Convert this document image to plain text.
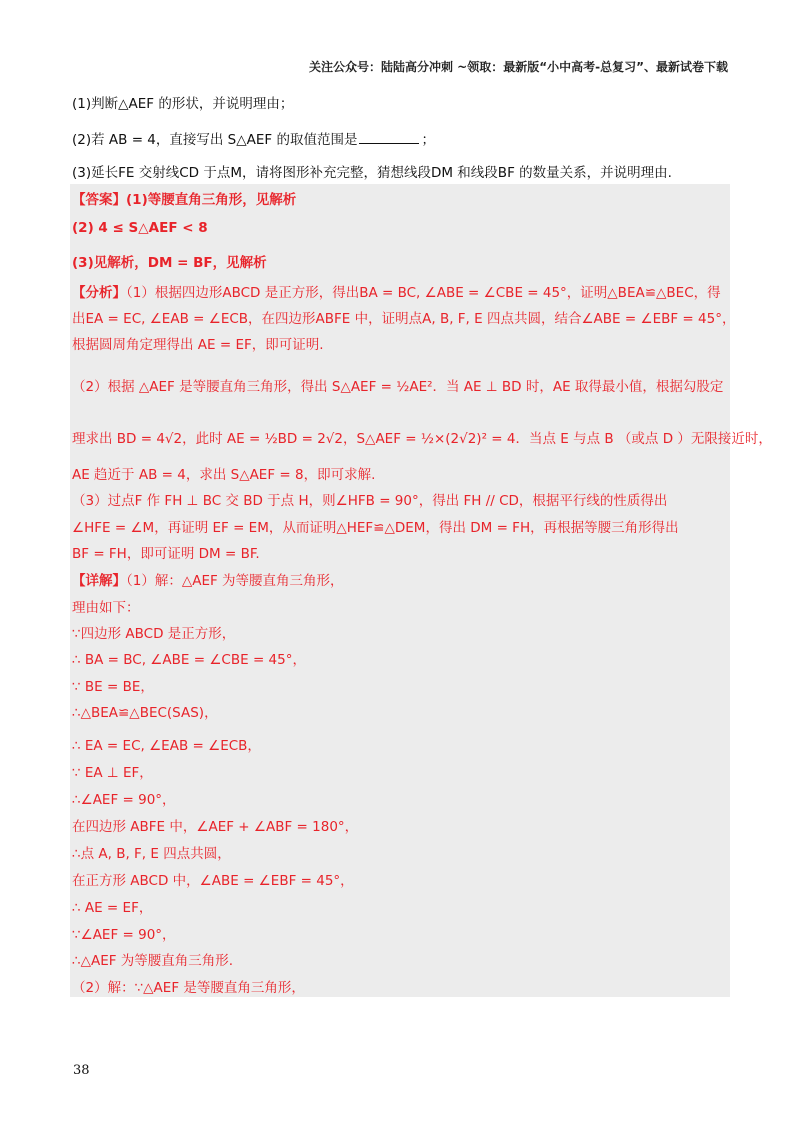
关注公众号：陆陆高分冲刺 ~领取：最新版“小中高考-总复习”、最新试卷下载
(1)判断△AEF 的形状，并说明理由；
(2)若 AB = 4，直接写出 S△AEF 的取值范围是	；
(3)延长FE 交射线CD 于点M，请将图形补充完整，猜想线段DM 和线段BF 的数量关系，并说明理由.
【答案】(1)等腰直角三角形，见解析
(2) 4 ≤ S△AEF < 8
(3)见解析，DM = BF，见解析
【分析】（1）根据四边形ABCD 是正方形，得出BA = BC, ∠ABE = ∠CBE = 45°，证明△BEA≌△BEC，得
出EA = EC, ∠EAB = ∠ECB，在四边形ABFE 中，证明点A, B, F, E 四点共圆，结合∠ABE = ∠EBF = 45°，
根据圆周角定理得出 AE = EF，即可证明.
（2）根据 △AEF 是等腰直角三角形，得出 S△AEF = ½AE²．当 AE ⊥ BD 时，AE 取得最小值，根据勾股定
理求出 BD = 4√2，此时 AE = ½BD = 2√2，S△AEF = ½×(2√2)² = 4．当点 E 与点 B （或点 D ）无限接近时，
AE 趋近于 AB = 4，求出 S△AEF = 8，即可求解.
（3）过点F 作 FH ⊥ BC 交 BD 于点 H，则∠HFB = 90°，得出 FH // CD，根据平行线的性质得出
∠HFE = ∠M，再证明 EF = EM，从而证明△HEF≌△DEM，得出 DM = FH，再根据等腰三角形得出
BF = FH，即可证明 DM = BF.
【详解】（1）解：△AEF 为等腰直角三角形，
理由如下：
∵四边形 ABCD 是正方形，
∴ BA = BC, ∠ABE = ∠CBE = 45°，
∵ BE = BE，
∴△BEA≌△BEC(SAS)，
∴ EA = EC, ∠EAB = ∠ECB，
∵ EA ⊥ EF，
∴∠AEF = 90°，
在四边形 ABFE 中，∠AEF + ∠ABF = 180°，
∴点 A, B, F, E 四点共圆，
在正方形 ABCD 中，∠ABE = ∠EBF = 45°，
∴ AE = EF，
∵∠AEF = 90°，
∴△AEF 为等腰直角三角形.
（2）解：∵△AEF 是等腰直角三角形，
38
